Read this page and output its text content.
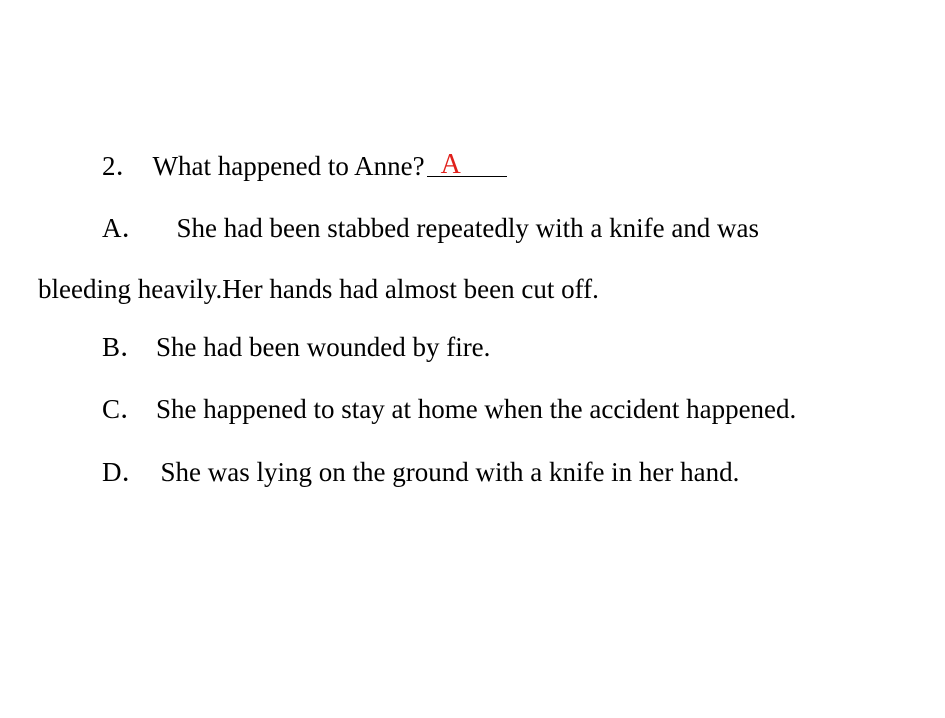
2． What happened to Anne? A
A． She had been stabbed repeatedly with a knife and was
bleeding heavily.Her hands had almost been cut off.
B． She had been wounded by fire.
C． She happened to stay at home when the accident happened.
D． She was lying on the ground with a knife in her hand.
